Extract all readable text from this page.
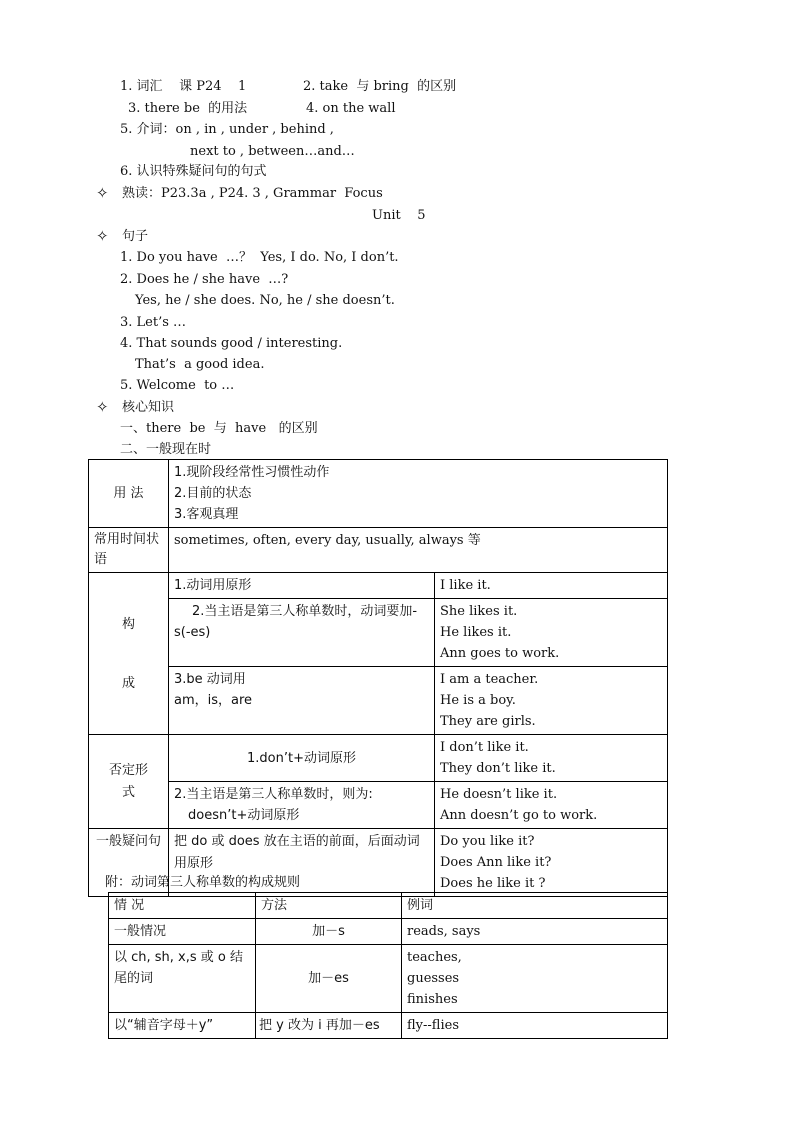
1. 词汇    课 P24    1	2. take  与 bring  的区别
3. there be  的用法	4. on the wall
5. 介词：on , in , under , behind ,
next to , between…and…
6. 认识特殊疑问句的句式
✧ 熟读：P23.3a , P24. 3 , Grammar  Focus
Unit    5
✧ 句子
1. Do you have  …？  Yes, I do. No, I don’t.
2. Does he / she have  …?
Yes, he / she does. No, he / she doesn’t.
3. Let’s …
4. That sounds good / interesting.
That’s  a good idea.
5. Welcome  to …
✧ 核心知识
一、there  be  与  have   的区别
二、一般现在时
用 法	1.现阶段经常性习惯性动作
2.目前的状态
3.客观真理	

常用时间状语	sometimes, often, every day, usually, always 等	

构
成	1.动词用原形	I like it.
	2.当主语是第三人称单数时，动词要加-s(-es)	She likes it.
He likes it.
Ann goes to work.

	3.be 动词用
am，is，are	I am a teacher.
He is a boy.
They are girls.

否定形式	1.don’t+动词原形	I don’t like it.
They don’t like it.

	2.当主语是第三人称单数时，则为:
doesn’t+动词原形	He doesn’t like it.
Ann doesn’t go to work.

一般疑问句	把 do 或 does 放在主语的前面，后面动词用原形	Do you like it?
Does Ann like it?
Does he like it ?
附：动词第三人称单数的构成规则
情 况	方法	例词
一般情况	加－s	reads, says
以 ch, sh, x,s 或 o 结尾的词	加－es	teaches,
guesses
finishes

以“辅音字母＋y”	把 y 改为 i 再加－es	fly--flies
